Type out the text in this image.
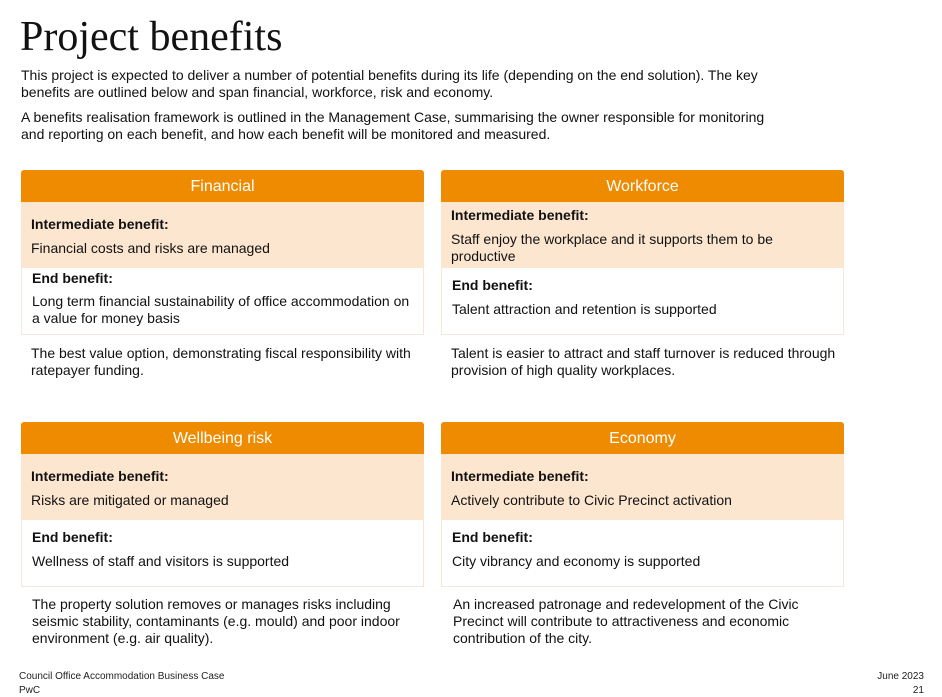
Project benefits

This project is expected to deliver a number of potential benefits during its life (depending on the end solution). The key benefits are outlined below and span financial, workforce, risk and economy.

A benefits realisation framework is outlined in the Management Case, summarising the owner responsible for monitoring and reporting on each benefit, and how each benefit will be monitored and measured.

Financial
Intermediate benefit:
Financial costs and risks are managed
End benefit:
Long term financial sustainability of office accommodation on a value for money basis

The best value option, demonstrating fiscal responsibility with ratepayer funding.

Workforce
Intermediate benefit:
Staff enjoy the workplace and it supports them to be productive
End benefit:
Talent attraction and retention is supported

Talent is easier to attract and staff turnover is reduced through provision of high quality workplaces.

Wellbeing risk
Intermediate benefit:
Risks are mitigated or managed
End benefit:
Wellness of staff and visitors is supported

The property solution removes or manages risks including seismic stability, contaminants (e.g. mould) and poor indoor environment (e.g. air quality).

Economy
Intermediate benefit:
Actively contribute to Civic Precinct activation
End benefit:
City vibrancy and economy is supported

An increased patronage and redevelopment of the Civic Precinct will contribute to attractiveness and economic contribution of the city.

Council Office Accommodation Business Case	June 2023
PwC	21
